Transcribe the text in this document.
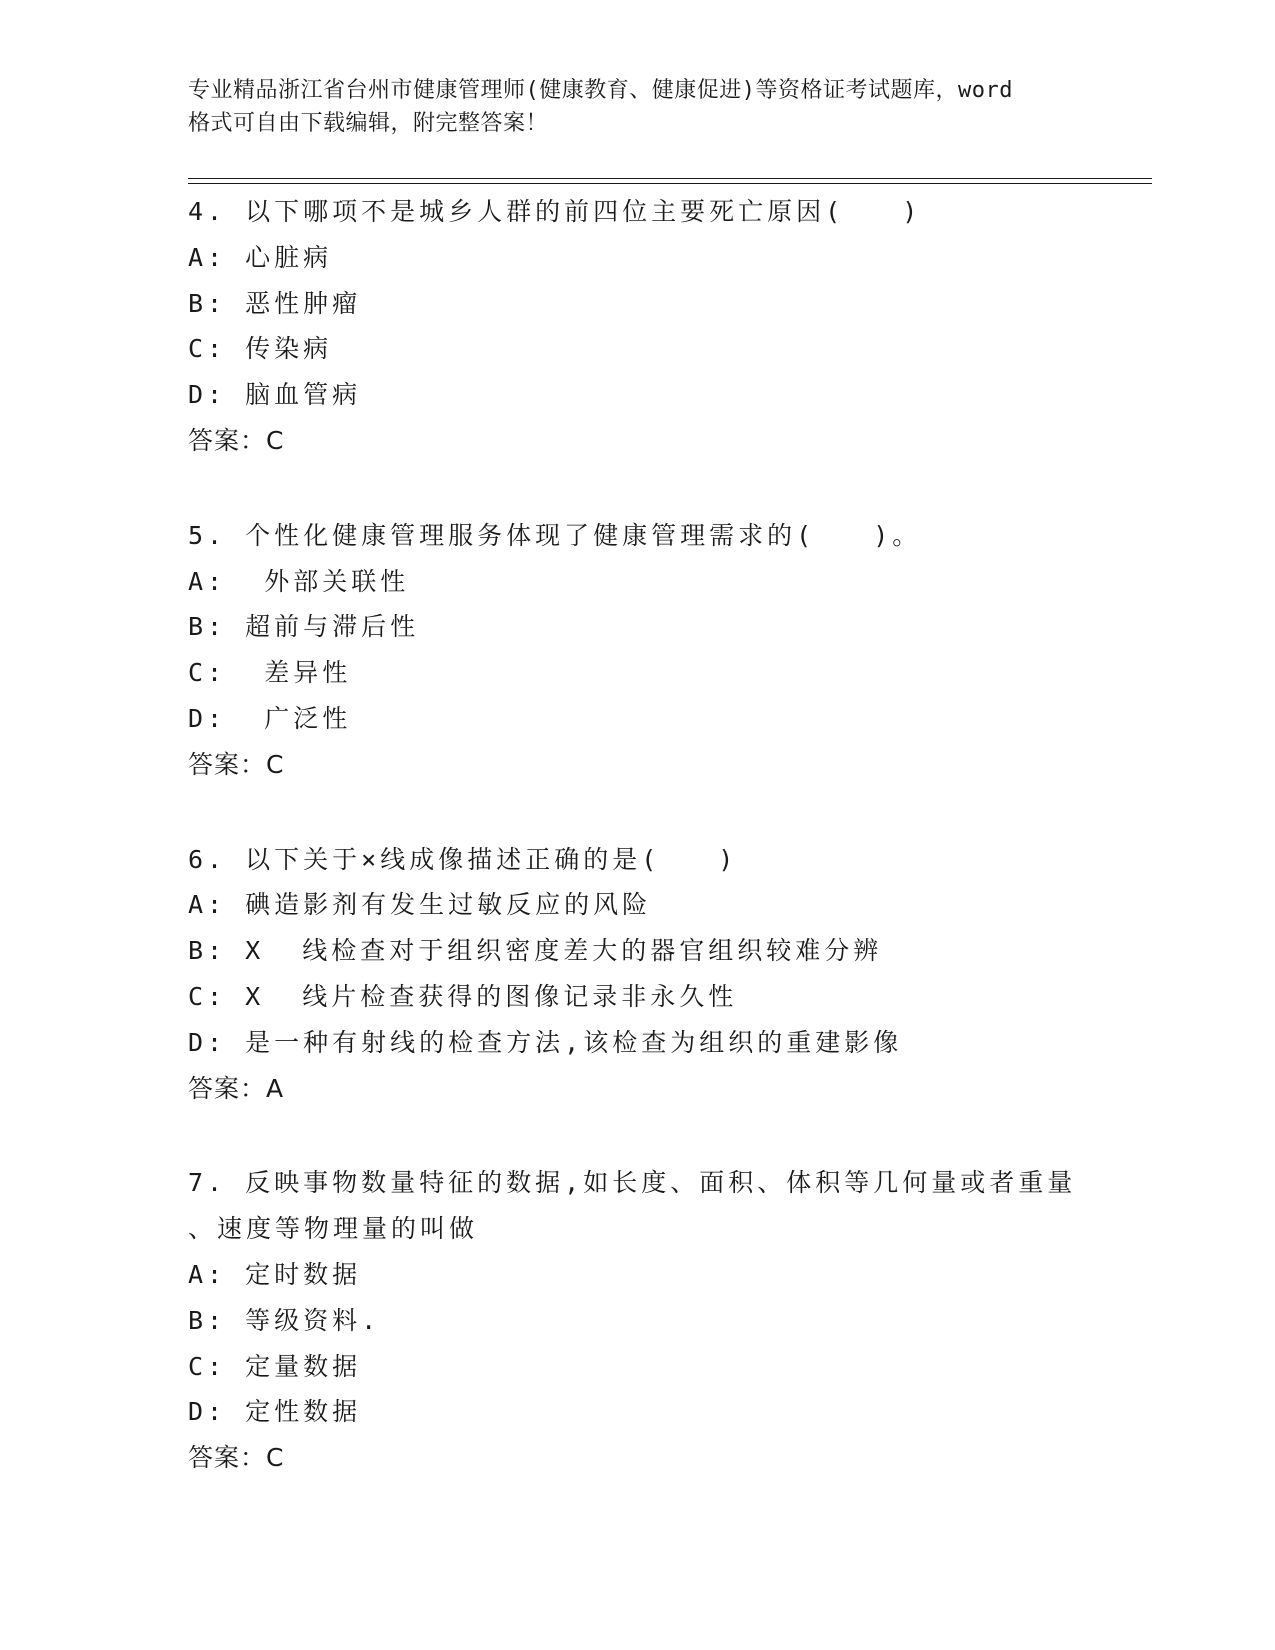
专业精品浙江省台州市健康管理师(健康教育、健康促进)等资格证考试题库，word
格式可自由下载编辑，附完整答案！
4. 以下哪项不是城乡人群的前四位主要死亡原因(　　)
A: 心脏病
B: 恶性肿瘤
C: 传染病
D: 脑血管病
答案：C
5. 个性化健康管理服务体现了健康管理需求的(　　)。
A:  外部关联性
B: 超前与滞后性
C:  差异性
D:  广泛性
答案：C
6. 以下关于×线成像描述正确的是(　　)
A: 碘造影剂有发生过敏反应的风险
B: X  线检查对于组织密度差大的器官组织较难分辨
C: X  线片检查获得的图像记录非永久性
D: 是一种有射线的检查方法,该检查为组织的重建影像
答案：A
7. 反映事物数量特征的数据,如长度、面积、体积等几何量或者重量
、速度等物理量的叫做
A: 定时数据
B: 等级资料.
C: 定量数据
D: 定性数据
答案：C
